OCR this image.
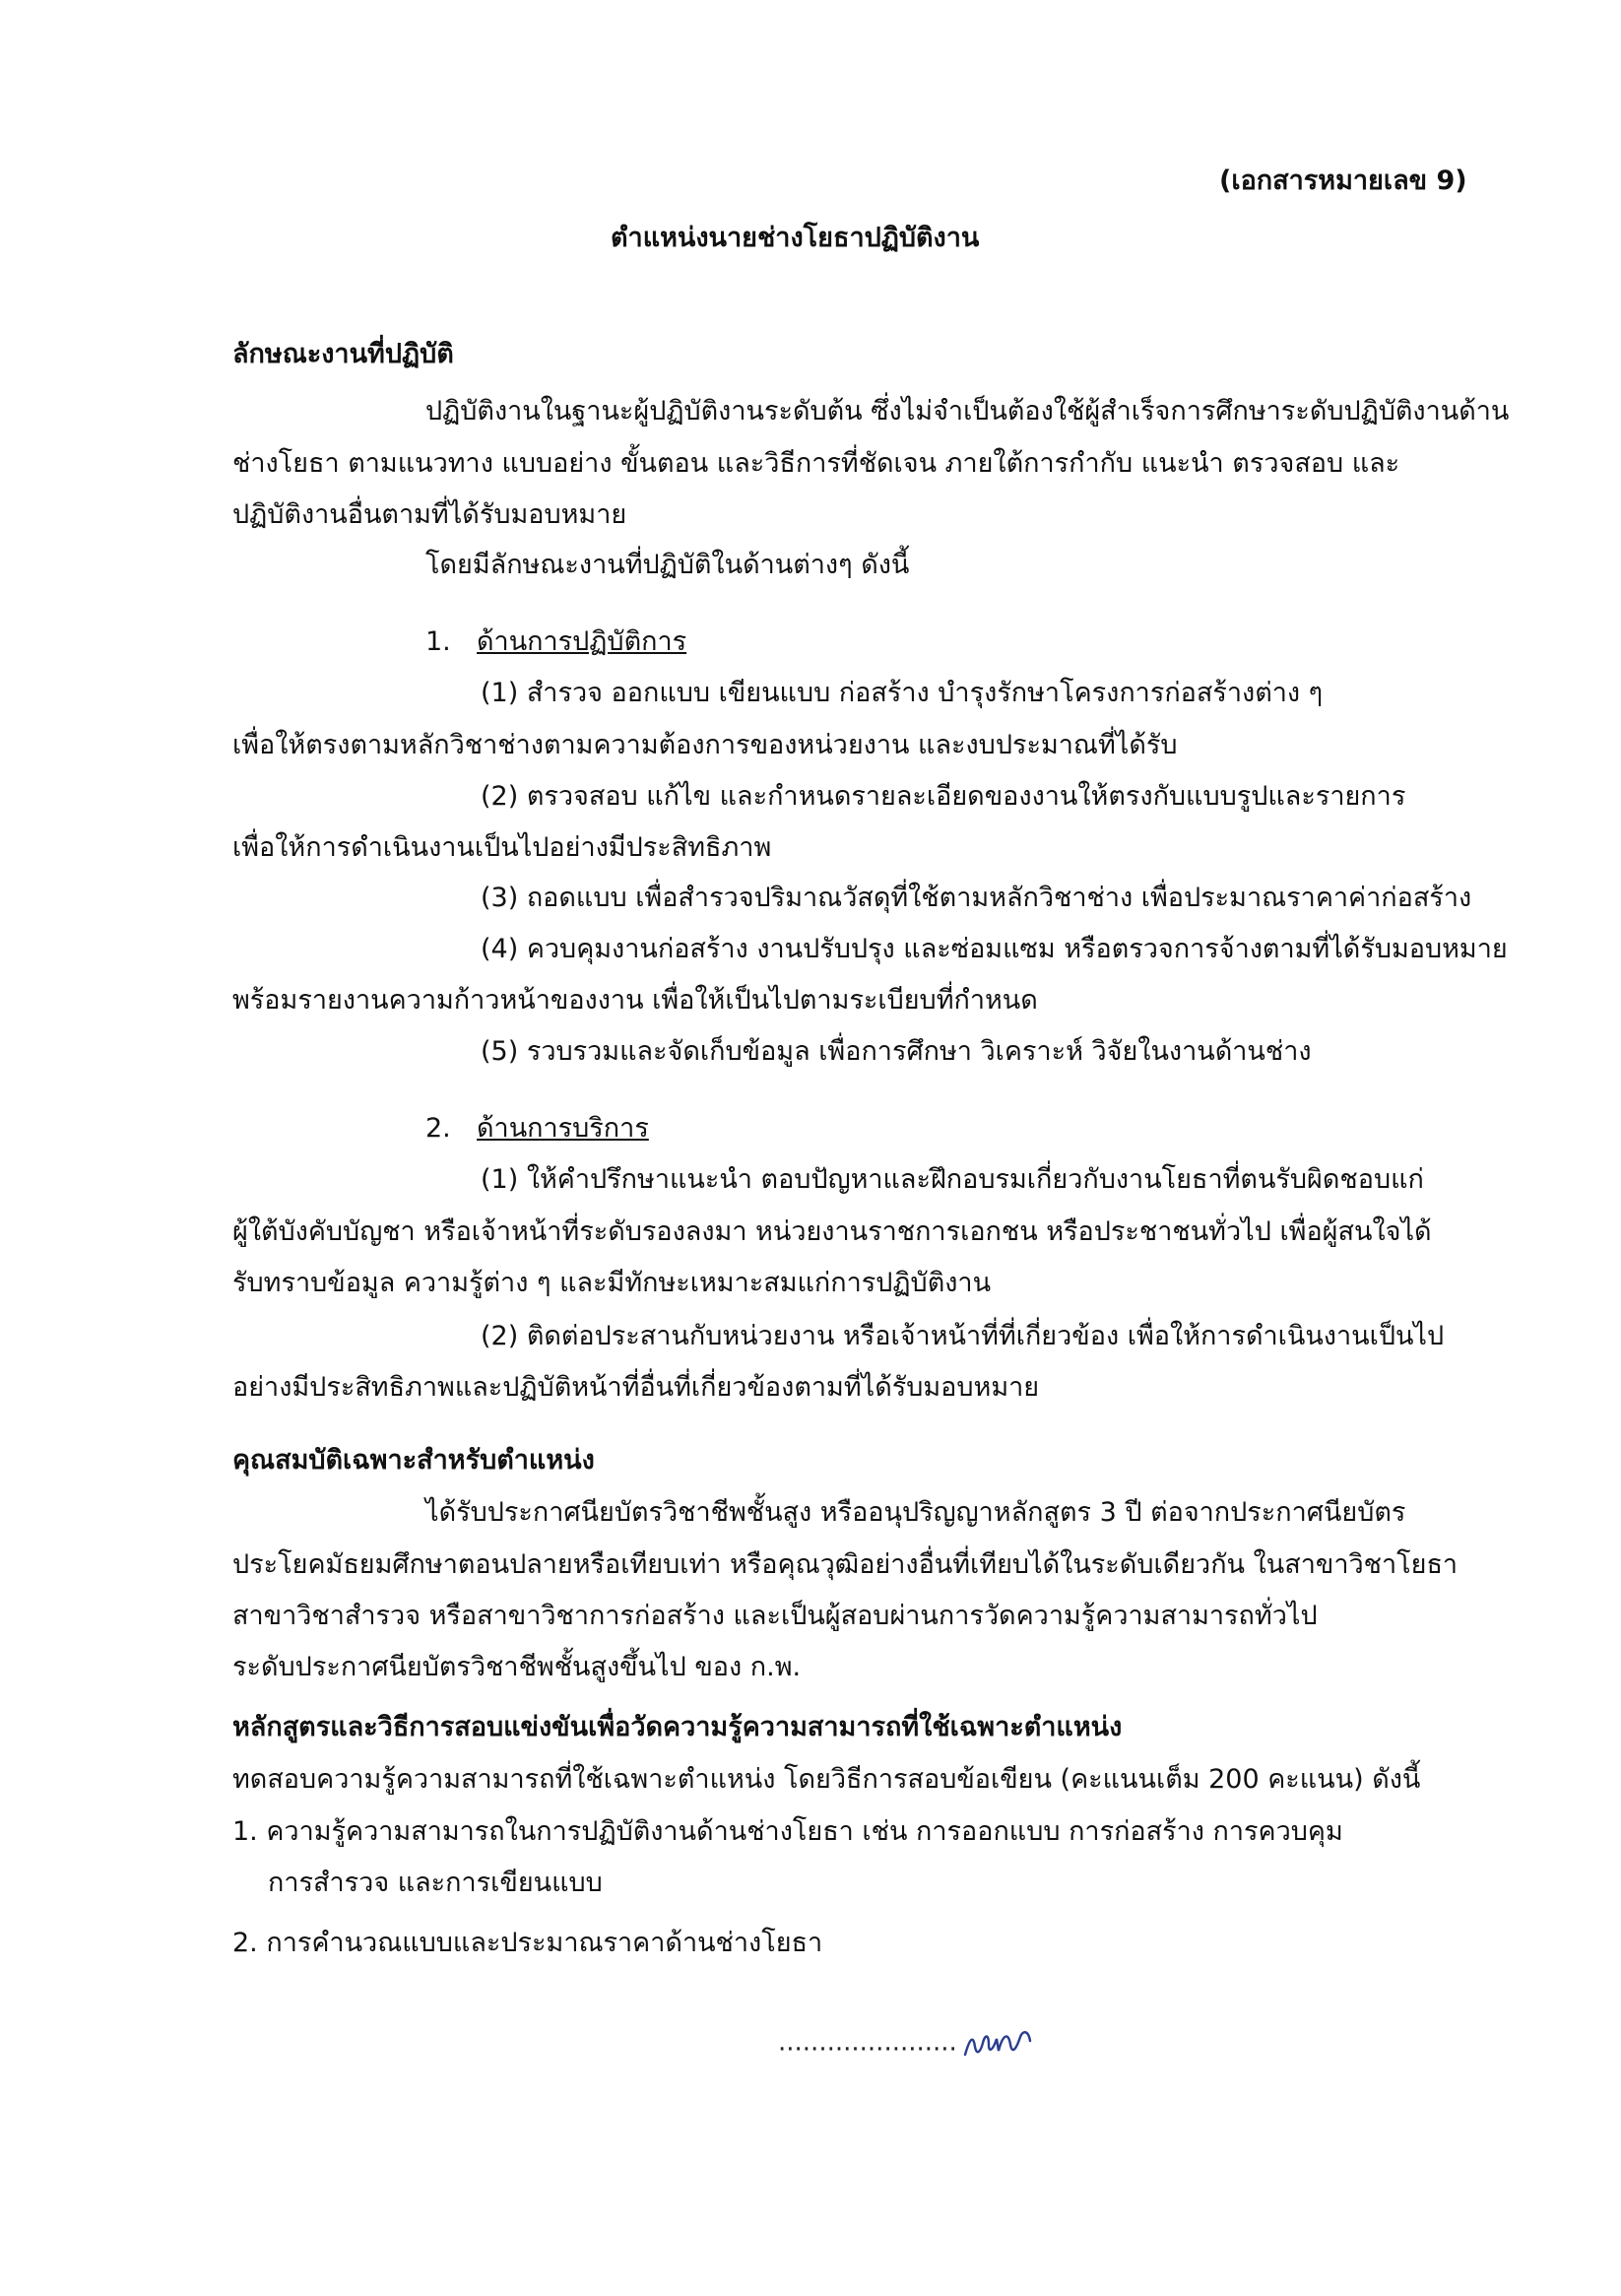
(เอกสารหมายเลข 9)

ตำแหน่งนายช่างโยธาปฏิบัติงาน

ลักษณะงานที่ปฏิบัติ

ปฏิบัติงานในฐานะผู้ปฏิบัติงานระดับต้น ซึ่งไม่จำเป็นต้องใช้ผู้สำเร็จการศึกษาระดับปฏิบัติงานด้าน

ช่างโยธา ตามแนวทาง แบบอย่าง ขั้นตอน และวิธีการที่ชัดเจน ภายใต้การกำกับ แนะนำ ตรวจสอบ และ

ปฏิบัติงานอื่นตามที่ได้รับมอบหมาย

โดยมีลักษณะงานที่ปฏิบัติในด้านต่างๆ ดังนี้

1. ด้านการปฏิบัติการ

(1) สำรวจ ออกแบบ เขียนแบบ ก่อสร้าง บำรุงรักษาโครงการก่อสร้างต่าง ๆ

เพื่อให้ตรงตามหลักวิชาช่างตามความต้องการของหน่วยงาน และงบประมาณที่ได้รับ

(2) ตรวจสอบ แก้ไข และกำหนดรายละเอียดของงานให้ตรงกับแบบรูปและรายการ

เพื่อให้การดำเนินงานเป็นไปอย่างมีประสิทธิภาพ

(3) ถอดแบบ เพื่อสำรวจปริมาณวัสดุที่ใช้ตามหลักวิชาช่าง เพื่อประมาณราคาค่าก่อสร้าง

(4) ควบคุมงานก่อสร้าง งานปรับปรุง และซ่อมแซม หรือตรวจการจ้างตามที่ได้รับมอบหมาย

พร้อมรายงานความก้าวหน้าของงาน เพื่อให้เป็นไปตามระเบียบที่กำหนด

(5) รวบรวมและจัดเก็บข้อมูล เพื่อการศึกษา วิเคราะห์ วิจัยในงานด้านช่าง

2. ด้านการบริการ

(1) ให้คำปรึกษาแนะนำ ตอบปัญหาและฝึกอบรมเกี่ยวกับงานโยธาที่ตนรับผิดชอบแก่

ผู้ใต้บังคับบัญชา หรือเจ้าหน้าที่ระดับรองลงมา หน่วยงานราชการเอกชน หรือประชาชนทั่วไป เพื่อผู้สนใจได้

รับทราบข้อมูล ความรู้ต่าง ๆ และมีทักษะเหมาะสมแก่การปฏิบัติงาน

(2) ติดต่อประสานกับหน่วยงาน หรือเจ้าหน้าที่ที่เกี่ยวข้อง เพื่อให้การดำเนินงานเป็นไป

อย่างมีประสิทธิภาพและปฏิบัติหน้าที่อื่นที่เกี่ยวข้องตามที่ได้รับมอบหมาย

คุณสมบัติเฉพาะสำหรับตำแหน่ง

ได้รับประกาศนียบัตรวิชาชีพชั้นสูง หรืออนุปริญญาหลักสูตร 3 ปี ต่อจากประกาศนียบัตร

ประโยคมัธยมศึกษาตอนปลายหรือเทียบเท่า หรือคุณวุฒิอย่างอื่นที่เทียบได้ในระดับเดียวกัน ในสาขาวิชาโยธา

สาขาวิชาสำรวจ หรือสาขาวิชาการก่อสร้าง และเป็นผู้สอบผ่านการวัดความรู้ความสามารถทั่วไป

ระดับประกาศนียบัตรวิชาชีพชั้นสูงขึ้นไป ของ ก.พ.

หลักสูตรและวิธีการสอบแข่งขันเพื่อวัดความรู้ความสามารถที่ใช้เฉพาะตำแหน่ง

ทดสอบความรู้ความสามารถที่ใช้เฉพาะตำแหน่ง โดยวิธีการสอบข้อเขียน (คะแนนเต็ม 200 คะแนน) ดังนี้

1. ความรู้ความสามารถในการปฏิบัติงานด้านช่างโยธา เช่น การออกแบบ การก่อสร้าง การควบคุม

การสำรวจ และการเขียนแบบ

2. การคำนวณแบบและประมาณราคาด้านช่างโยธา

......................
